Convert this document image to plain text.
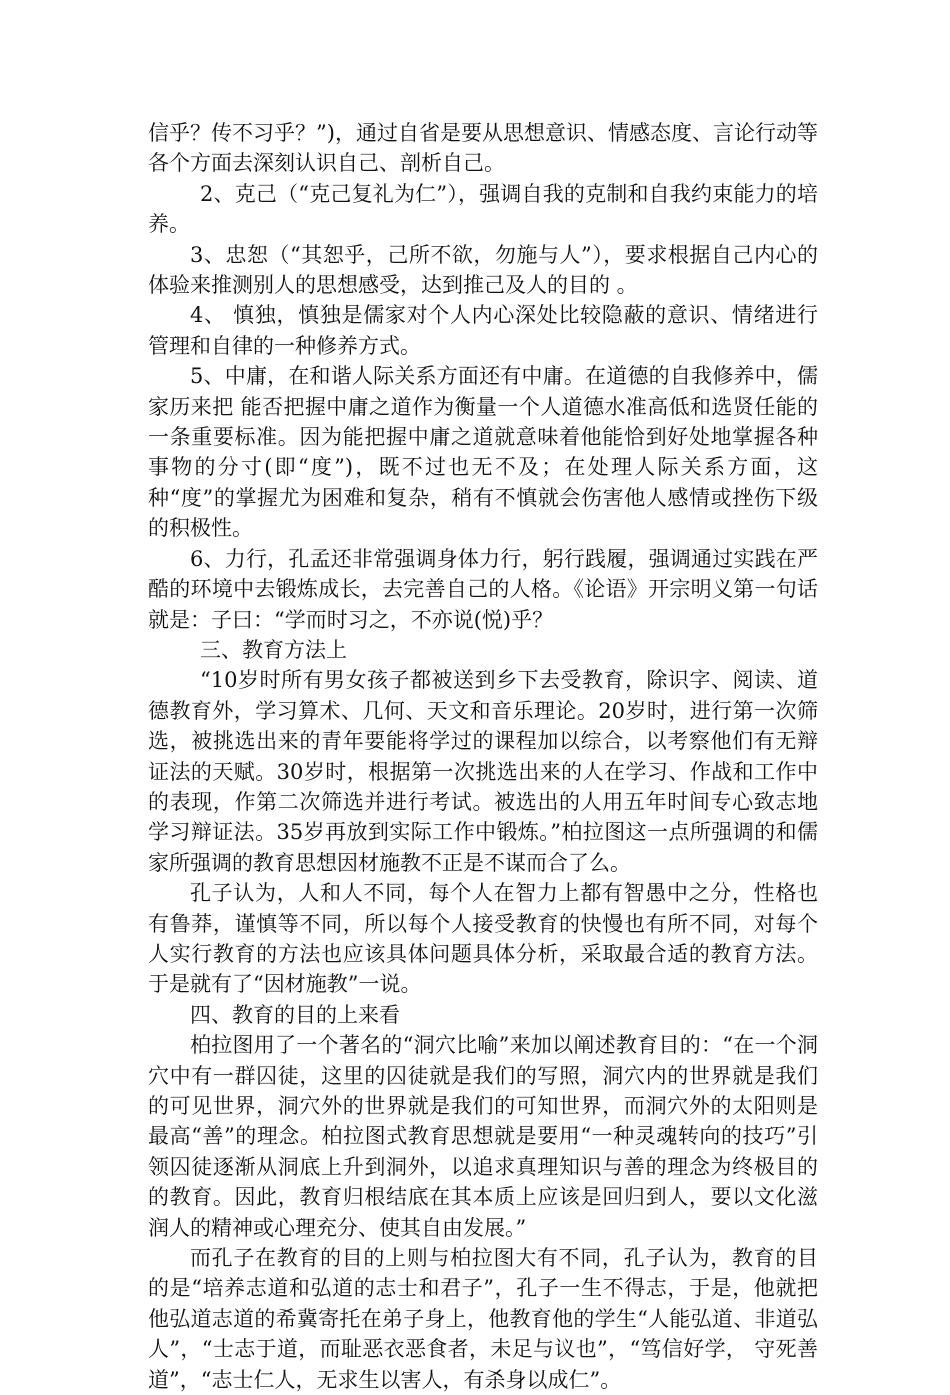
信乎？传不习乎？”)，通过自省是要从思想意识、情感态度、言论行动等各个方面去深刻认识自己、剖析自己。

2、克己（“克己复礼为仁”），强调自我的克制和自我约束能力的培养。

3、忠恕（“其恕乎，己所不欲，勿施与人”），要求根据自己内心的体验来推测别人的思想感受，达到推己及人的目的 。

4、 慎独，慎独是儒家对个人内心深处比较隐蔽的意识、情绪进行管理和自律的一种修养方式。

5、中庸，在和谐人际关系方面还有中庸。在道德的自我修养中，儒家历来把 能否把握中庸之道作为衡量一个人道德水准高低和选贤任能的一条重要标准。因为能把握中庸之道就意味着他能恰到好处地掌握各种事物的分寸(即“度”)，既不过也无不及；在处理人际关系方面，这种“度”的掌握尤为困难和复杂，稍有不慎就会伤害他人感情或挫伤下级的积极性。

6、力行，孔孟还非常强调身体力行，躬行践履，强调通过实践在严酷的环境中去锻炼成长，去完善自己的人格。《论语》开宗明义第一句话就是：子曰：“学而时习之，不亦说(悦)乎？

三、教育方法上

“10岁时所有男女孩子都被送到乡下去受教育，除识字、阅读、道德教育外，学习算术、几何、天文和音乐理论。20岁时，进行第一次筛选，被挑选出来的青年要能将学过的课程加以综合，以考察他们有无辩证法的天赋。30岁时，根据第一次挑选出来的人在学习、作战和工作中的表现，作第二次筛选并进行考试。被选出的人用五年时间专心致志地学习辩证法。35岁再放到实际工作中锻炼。”柏拉图这一点所强调的和儒家所强调的教育思想因材施教不正是不谋而合了么。

孔子认为，人和人不同，每个人在智力上都有智愚中之分，性格也有鲁莽，谨慎等不同，所以每个人接受教育的快慢也有所不同，对每个人实行教育的方法也应该具体问题具体分析，采取最合适的教育方法。于是就有了“因材施教”一说。

四、教育的目的上来看

柏拉图用了一个著名的“洞穴比喻”来加以阐述教育目的：“在一个洞穴中有一群囚徒，这里的囚徒就是我们的写照，洞穴内的世界就是我们的可见世界，洞穴外的世界就是我们的可知世界，而洞穴外的太阳则是最高“善”的理念。柏拉图式教育思想就是要用“一种灵魂转向的技巧”引领囚徒逐渐从洞底上升到洞外，以追求真理知识与善的理念为终极目的的教育。因此，教育归根结底在其本质上应该是回归到人，要以文化滋润人的精神或心理充分、使其自由发展。”

而孔子在教育的目的上则与柏拉图大有不同，孔子认为，教育的目的是“培养志道和弘道的志士和君子”，孔子一生不得志，于是，他就把他弘道志道的希冀寄托在弟子身上，他教育他的学生“人能弘道、非道弘人”，“士志于道，而耻恶衣恶食者，未足与议也”，“笃信好学， 守死善道”，“志士仁人，无求生以害人，有杀身以成仁”。
